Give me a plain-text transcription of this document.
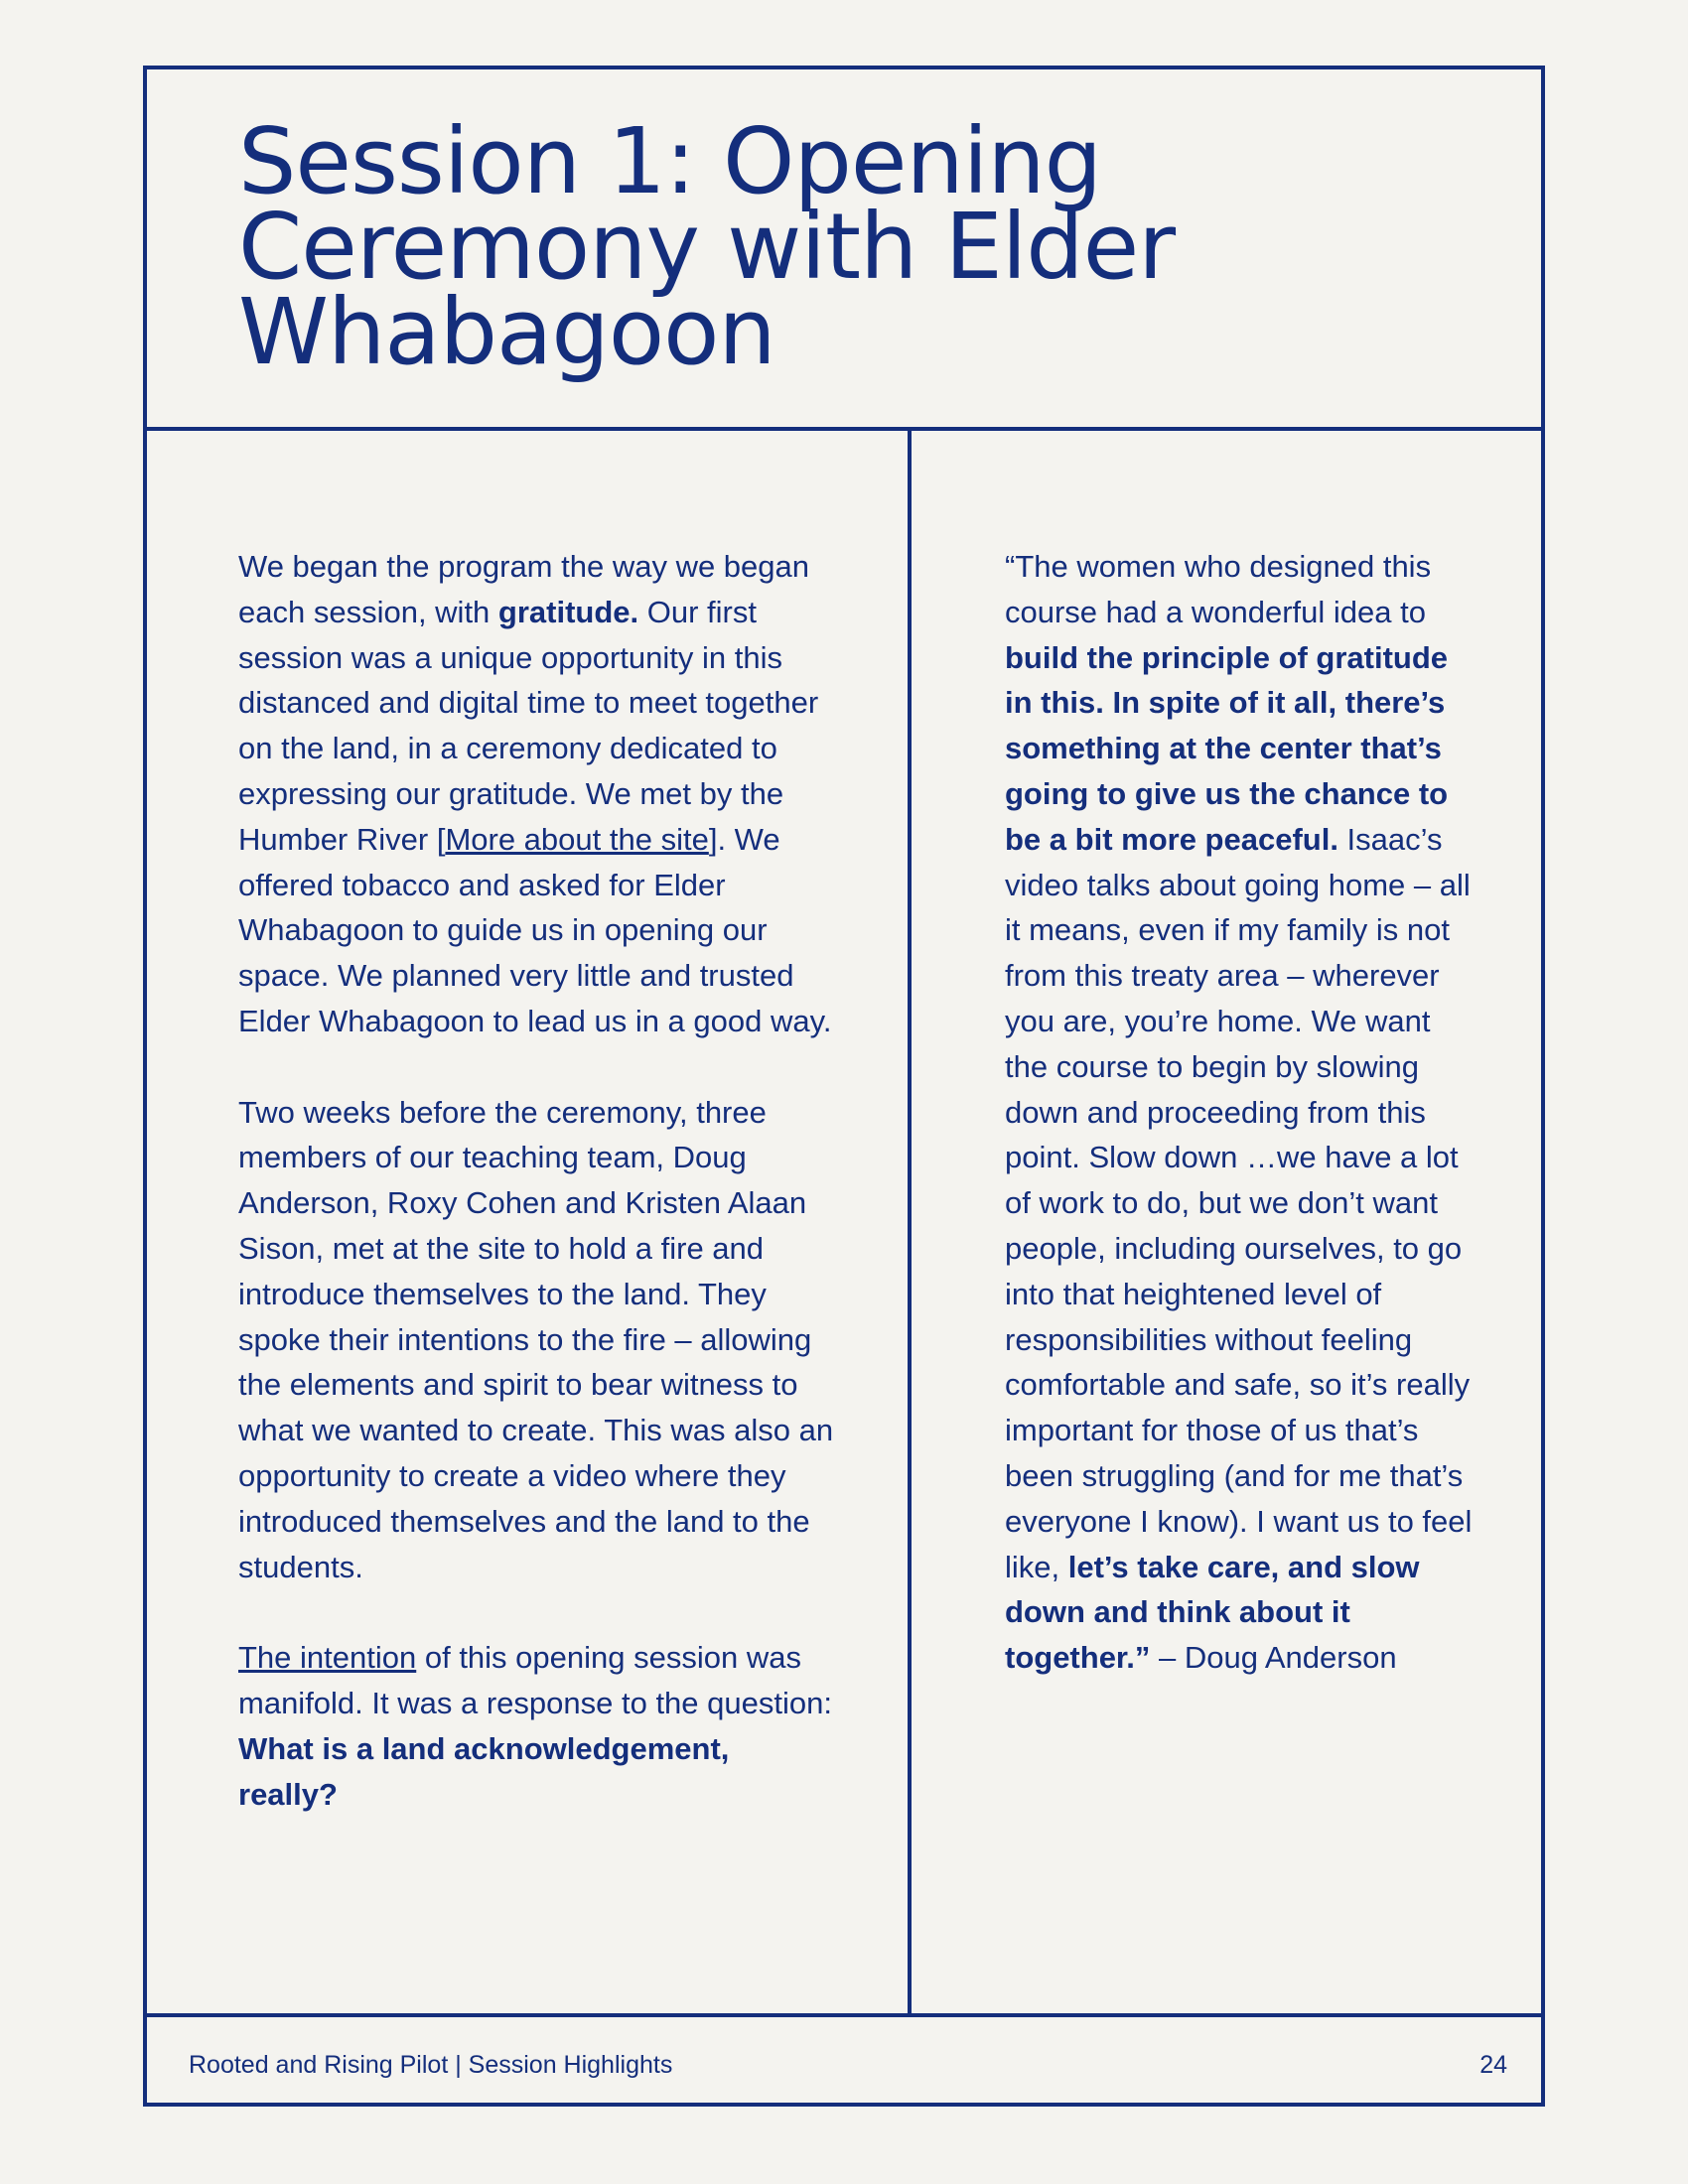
Session 1: Opening Ceremony with Elder Whabagoon

We began the program the way we began each session, with gratitude. Our first session was a unique opportunity in this distanced and digital time to meet together on the land, in a ceremony dedicated to expressing our gratitude. We met by the Humber River [More about the site]. We offered tobacco and asked for Elder Whabagoon to guide us in opening our space. We planned very little and trusted Elder Whabagoon to lead us in a good way.

Two weeks before the ceremony, three members of our teaching team, Doug Anderson, Roxy Cohen and Kristen Alaan Sison, met at the site to hold a fire and introduce themselves to the land. They spoke their intentions to the fire – allowing the elements and spirit to bear witness to what we wanted to create. This was also an opportunity to create a video where they introduced themselves and the land to the students.

The intention of this opening session was manifold. It was a response to the question: What is a land acknowledgement, really?

“The women who designed this course had a wonderful idea to build the principle of gratitude in this. In spite of it all, there’s something at the center that’s going to give us the chance to be a bit more peaceful. Isaac’s video talks about going home – all it means, even if my family is not from this treaty area – wherever you are, you’re home. We want the course to begin by slowing down and proceeding from this point. Slow down …we have a lot of work to do, but we don’t want people, including ourselves, to go into that heightened level of responsibilities without feeling comfortable and safe, so it’s really important for those of us that’s been struggling (and for me that’s everyone I know). I want us to feel like, let’s take care, and slow down and think about it together.” – Doug Anderson

Rooted and Rising Pilot | Session Highlights	24
